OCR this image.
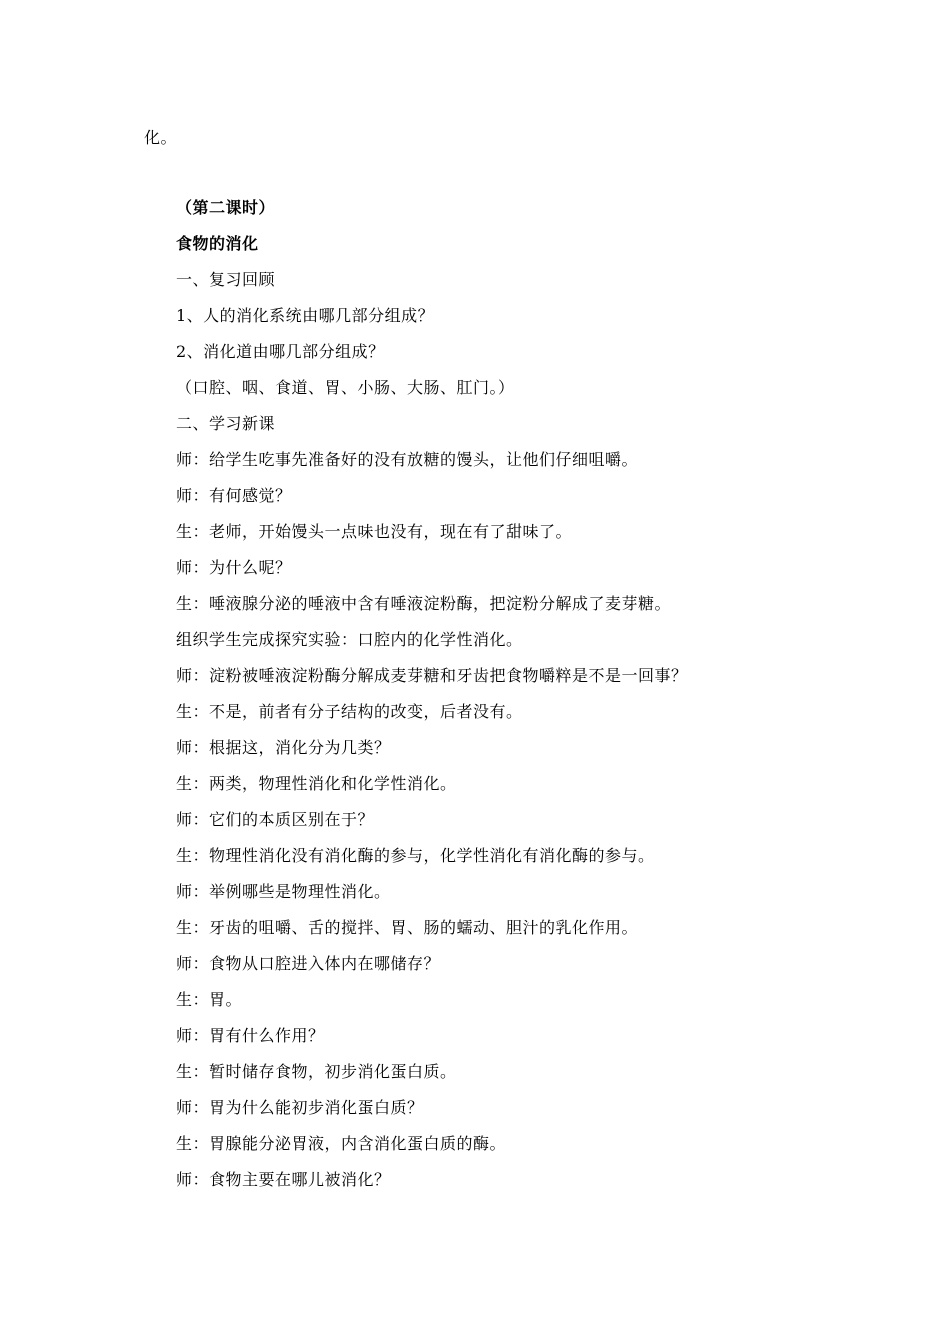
化。
（第二课时）
食物的消化
一、复习回顾
1、人的消化系统由哪几部分组成？
2、消化道由哪几部分组成？
（口腔、咽、食道、胃、小肠、大肠、肛门。）
二、学习新课
师：给学生吃事先准备好的没有放糖的馒头，让他们仔细咀嚼。
师：有何感觉？
生：老师，开始馒头一点味也没有，现在有了甜味了。
师：为什么呢？
生：唾液腺分泌的唾液中含有唾液淀粉酶，把淀粉分解成了麦芽糖。
组织学生完成探究实验：口腔内的化学性消化。
师：淀粉被唾液淀粉酶分解成麦芽糖和牙齿把食物嚼粹是不是一回事？
生：不是，前者有分子结构的改变，后者没有。
师：根据这，消化分为几类？
生：两类，物理性消化和化学性消化。
师：它们的本质区别在于？
生：物理性消化没有消化酶的参与，化学性消化有消化酶的参与。
师：举例哪些是物理性消化。
生：牙齿的咀嚼、舌的搅拌、胃、肠的蠕动、胆汁的乳化作用。
师：食物从口腔进入体内在哪储存？
生：胃。
师：胃有什么作用？
生：暂时储存食物，初步消化蛋白质。
师：胃为什么能初步消化蛋白质？
生：胃腺能分泌胃液，内含消化蛋白质的酶。
师：食物主要在哪儿被消化？
